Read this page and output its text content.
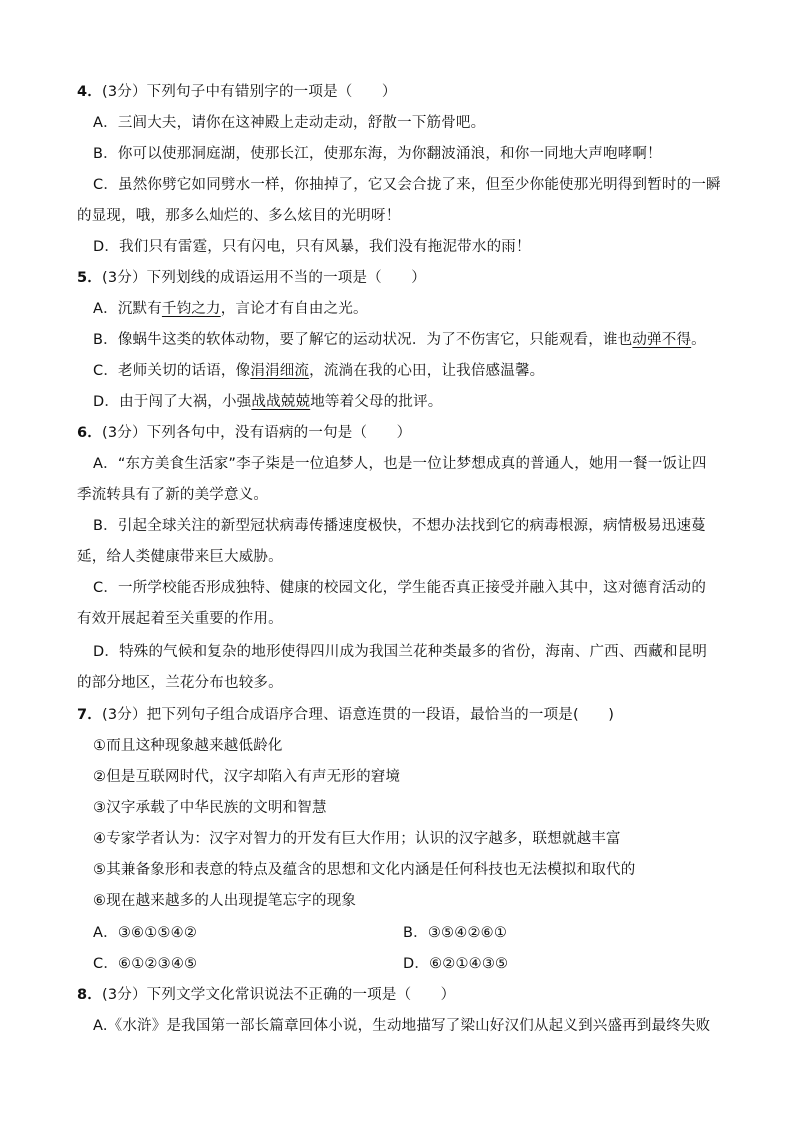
4．(3分）下列句子中有错别字的一项是（　　）
A．三闾大夫，请你在这神殿上走动走动，舒散一下筋骨吧。
B．你可以使那洞庭湖，使那长江，使那东海，为你翻波涌浪，和你一同地大声咆哮啊！
C．虽然你劈它如同劈水一样，你抽掉了，它又会合拢了来，但至少你能使那光明得到暂时的一瞬
的显现，哦，那多么灿烂的、多么炫目的光明呀！
D．我们只有雷霆，只有闪电，只有风暴，我们没有拖泥带水的雨！
5．(3分）下列划线的成语运用不当的一项是（　　）
A．沉默有千钧之力，言论才有自由之光。
B．像蜗牛这类的软体动物，要了解它的运动状况．为了不伤害它，只能观看，谁也动弹不得。
C．老师关切的话语，像涓涓细流，流淌在我的心田，让我倍感温馨。
D．由于闯了大祸，小强战战兢兢地等着父母的批评。
6．(3分）下列各句中，没有语病的一句是（　　）
A．“东方美食生活家”李子柒是一位追梦人，也是一位让梦想成真的普通人，她用一餐一饭让四
季流转具有了新的美学意义。
B．引起全球关注的新型冠状病毒传播速度极快，不想办法找到它的病毒根源，病情极易迅速蔓
延，给人类健康带来巨大威胁。
C．一所学校能否形成独特、健康的校园文化，学生能否真正接受并融入其中，这对德育活动的
有效开展起着至关重要的作用。
D．特殊的气候和复杂的地形使得四川成为我国兰花种类最多的省份，海南、广西、西藏和昆明
的部分地区，兰花分布也较多。
7．(3分）把下列句子组合成语序合理、语意连贯的一段语，最恰当的一项是(　　)
①而且这种现象越来越低龄化
②但是互联网时代，汉字却陷入有声无形的窘境
③汉字承载了中华民族的文明和智慧
④专家学者认为：汉字对智力的开发有巨大作用；认识的汉字越多，联想就越丰富
⑤其兼备象形和表意的特点及蕴含的思想和文化内涵是任何科技也无法模拟和取代的
⑥现在越来越多的人出现提笔忘字的现象
A．③⑥①⑤④②	B．③⑤④②⑥①
C．⑥①②③④⑤	D．⑥②①④③⑤
8．(3分）下列文学文化常识说法不正确的一项是（　　）
A.《水浒》是我国第一部长篇章回体小说，生动地描写了梁山好汉们从起义到兴盛再到最终失败
